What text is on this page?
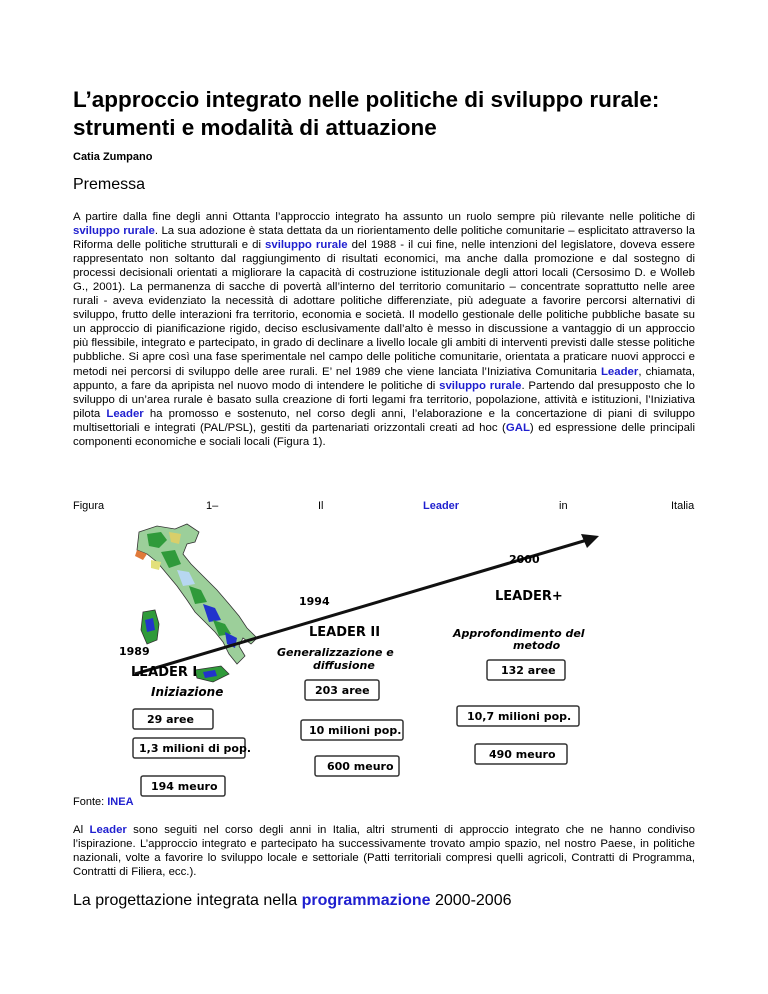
L’approccio integrato nelle politiche di sviluppo rurale:
strumenti e modalità di attuazione

Catia Zumpano

Premessa

A partire dalla fine degli anni Ottanta l’approccio integrato ha assunto un ruolo sempre più rilevante nelle politiche di sviluppo rurale. La sua adozione è stata dettata da un riorientamento delle politiche comunitarie – esplicitato attraverso la Riforma delle politiche strutturali e di sviluppo rurale del 1988 - il cui fine, nelle intenzioni del legislatore, doveva essere rappresentato non soltanto dal raggiungimento di risultati economici, ma anche dalla promozione e dal sostegno di processi decisionali orientati a migliorare la capacità di costruzione istituzionale degli attori locali (Cersosimo D. e Wolleb G., 2001). La permanenza di sacche di povertà all’interno del territorio comunitario – concentrate soprattutto nelle aree rurali - aveva evidenziato la necessità di adottare politiche differenziate, più adeguate a favorire percorsi alternativi di sviluppo, frutto delle interazioni fra territorio, economia e società. Il modello gestionale delle politiche pubbliche basate su un approccio di pianificazione rigido, deciso esclusivamente dall’alto è messo in discussione a vantaggio di un approccio più flessibile, integrato e partecipato, in grado di declinare a livello locale gli ambiti di interventi previsti dalle stesse politiche pubbliche. Si apre così una fase sperimentale nel campo delle politiche comunitarie, orientata a praticare nuovi approcci e metodi nei percorsi di sviluppo delle aree rurali. E’ nel 1989 che viene lanciata l’Iniziativa Comunitaria Leader, chiamata, appunto, a fare da apripista nel nuovo modo di intendere le politiche di sviluppo rurale. Partendo dal presupposto che lo sviluppo di un’area rurale è basato sulla creazione di forti legami fra territorio, popolazione, attività e istituzioni, l’Iniziativa pilota Leader ha promosso e sostenuto, nel corso degli anni, l’elaborazione e la concertazione di piani di sviluppo multisettoriali e integrati (PAL/PSL), gestiti da partenariati orizzontali creati ad hoc (GAL) ed espressione delle principali componenti economiche e sociali locali (Figura 1).

Figura	1–	Il	Leader	in	Italia
1989
1994
2000
LEADER I
LEADER II
LEADER+
Iniziazione
Generalizzazione e
diffusione
Approfondimento del
metodo
29 aree
1,3 milioni di pop.
194 meuro
203 aree
10 milioni pop.
600 meuro
132 aree
10,7 milioni pop.
490 meuro
Fonte: INEA

Al Leader sono seguiti nel corso degli anni in Italia, altri strumenti di approccio integrato che ne hanno condiviso l’ispirazione. L’approccio integrato e partecipato ha successivamente trovato ampio spazio, nel nostro Paese, in politiche nazionali, volte a favorire lo sviluppo locale e settoriale (Patti territoriali compresi quelli agricoli, Contratti di Programma, Contratti di Filiera, ecc.).

La progettazione integrata nella programmazione 2000-2006
